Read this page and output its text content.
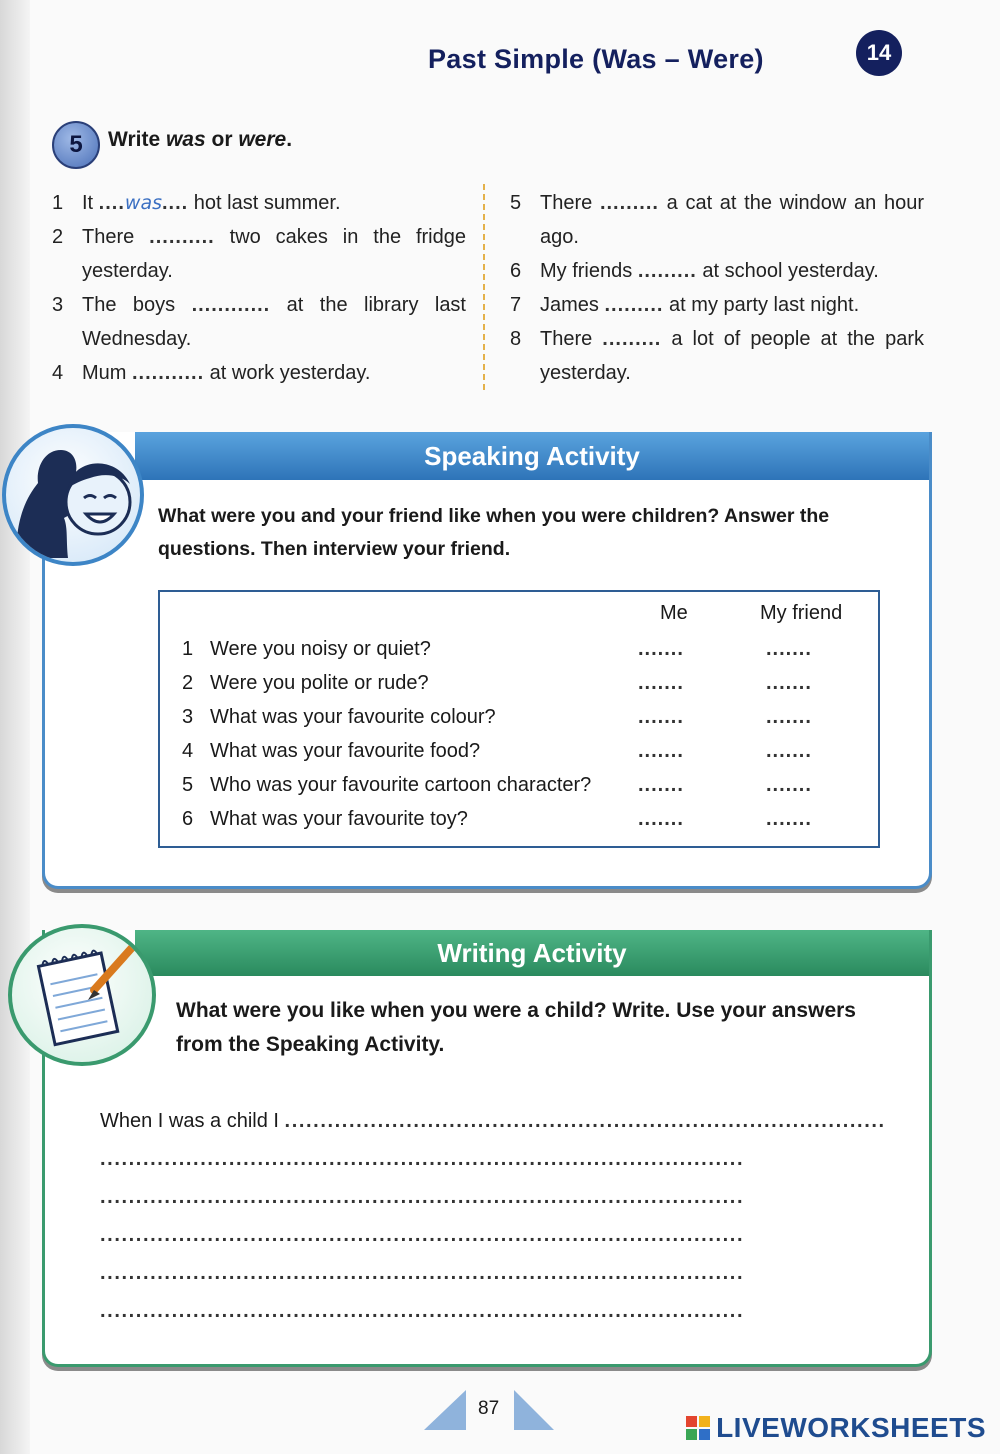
Past Simple (Was – Were)	14
5	Write was or were.
1 It ....was.... hot last summer.
2 There .......... two cakes in the fridge yesterday.
3 The boys ............ at the library last Wednesday.
4 Mum ........... at work yesterday.
5 There ......... a cat at the window an hour ago.
6 My friends ......... at school yesterday.
7 James ......... at my party last night.
8 There ......... a lot of people at the park yesterday.
Speaking Activity
What were you and your friend like when you were children? Answer the questions. Then interview your friend.
Me	My friend
1 Were you noisy or quiet?	.......	.......
2 Were you polite or rude?	.......	.......
3 What was your favourite colour?	.......	.......
4 What was your favourite food?	.......	.......
5 Who was your favourite cartoon character? .......	.......
6 What was your favourite toy?	.......	.......
Writing Activity
What were you like when you were a child? Write. Use your answers from the Speaking Activity.
When I was a child I ....................................................................................
..........................................................................................
..........................................................................................
..........................................................................................
..........................................................................................
..........................................................................................
87
LIVEWORKSHEETS
